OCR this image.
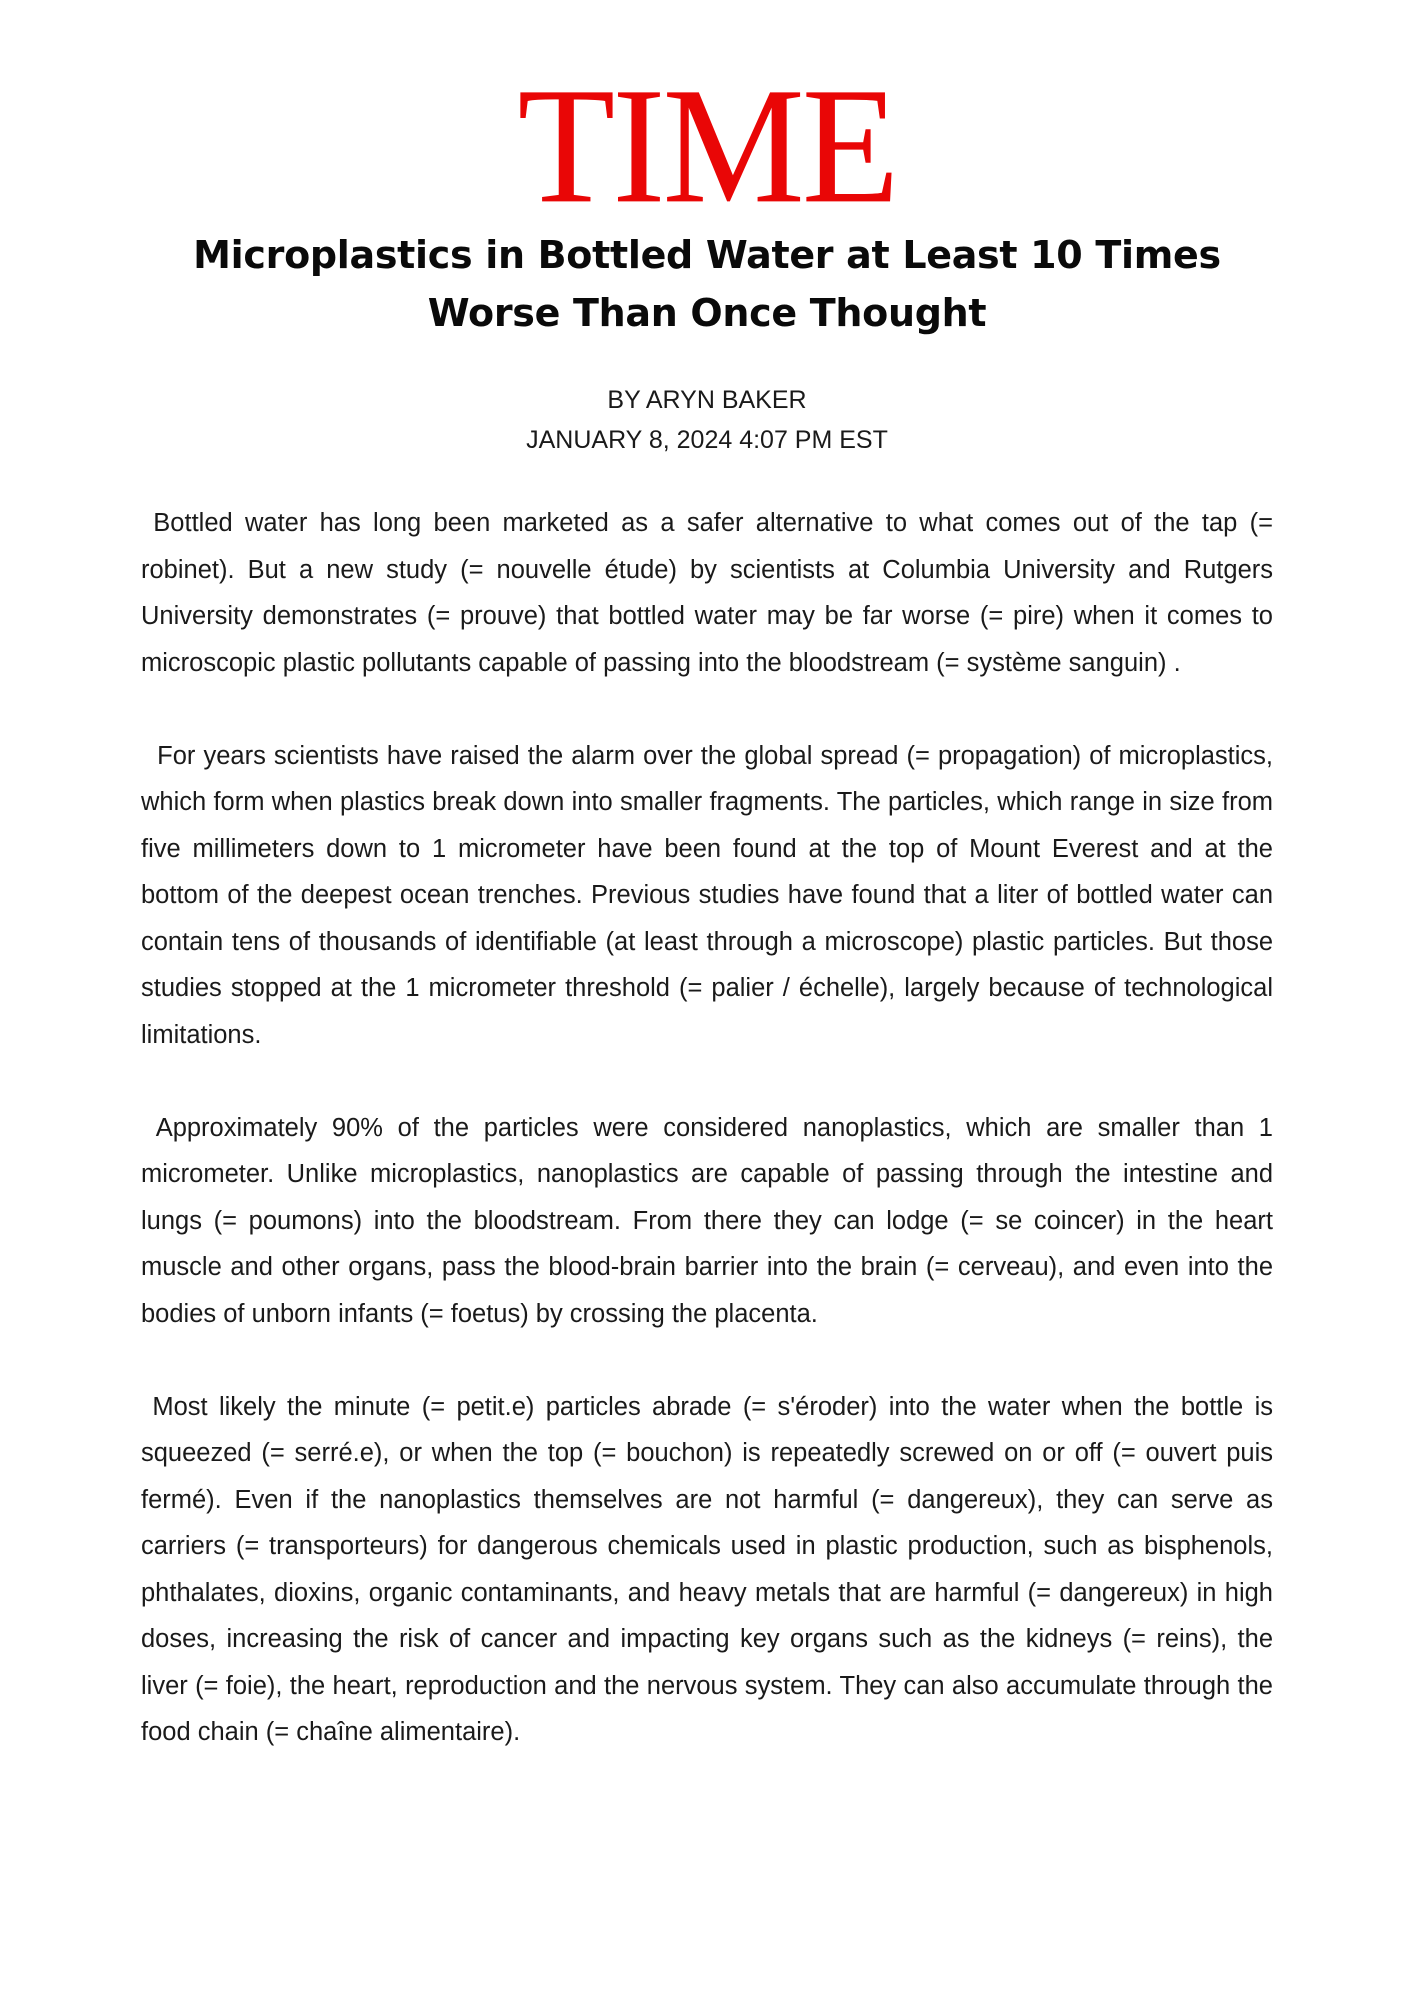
TIME
Microplastics in Bottled Water at Least 10 Times Worse Than Once Thought
BY ARYN BAKER
JANUARY 8, 2024 4:07 PM EST

Bottled water has long been marketed as a safer alternative to what comes out of the tap (= robinet). But a new study (= nouvelle étude) by scientists at Columbia University and Rutgers University demonstrates (= prouve) that bottled water may be far worse (= pire) when it comes to microscopic plastic pollutants capable of passing into the bloodstream (= système sanguin) .

For years scientists have raised the alarm over the global spread (= propagation) of microplastics, which form when plastics break down into smaller fragments. The particles, which range in size from five millimeters down to 1 micrometer have been found at the top of Mount Everest and at the bottom of the deepest ocean trenches. Previous studies have found that a liter of bottled water can contain tens of thousands of identifiable (at least through a microscope) plastic particles. But those studies stopped at the 1 micrometer threshold (= palier / échelle), largely because of technological limitations.

Approximately 90% of the particles were considered nanoplastics, which are smaller than 1 micrometer. Unlike microplastics, nanoplastics are capable of passing through the intestine and lungs (= poumons) into the bloodstream. From there they can lodge (= se coincer) in the heart muscle and other organs, pass the blood-brain barrier into the brain (= cerveau), and even into the bodies of unborn infants (= foetus) by crossing the placenta.

Most likely the minute (= petit.e) particles abrade (= s'éroder) into the water when the bottle is squeezed (= serré.e), or when the top (= bouchon) is repeatedly screwed on or off (= ouvert puis fermé). Even if the nanoplastics themselves are not harmful (= dangereux), they can serve as carriers (= transporteurs) for dangerous chemicals used in plastic production, such as bisphenols, phthalates, dioxins, organic contaminants, and heavy metals that are harmful (= dangereux) in high doses, increasing the risk of cancer and impacting key organs such as the kidneys (= reins), the liver (= foie), the heart, reproduction and the nervous system. They can also accumulate through the food chain (= chaîne alimentaire).
